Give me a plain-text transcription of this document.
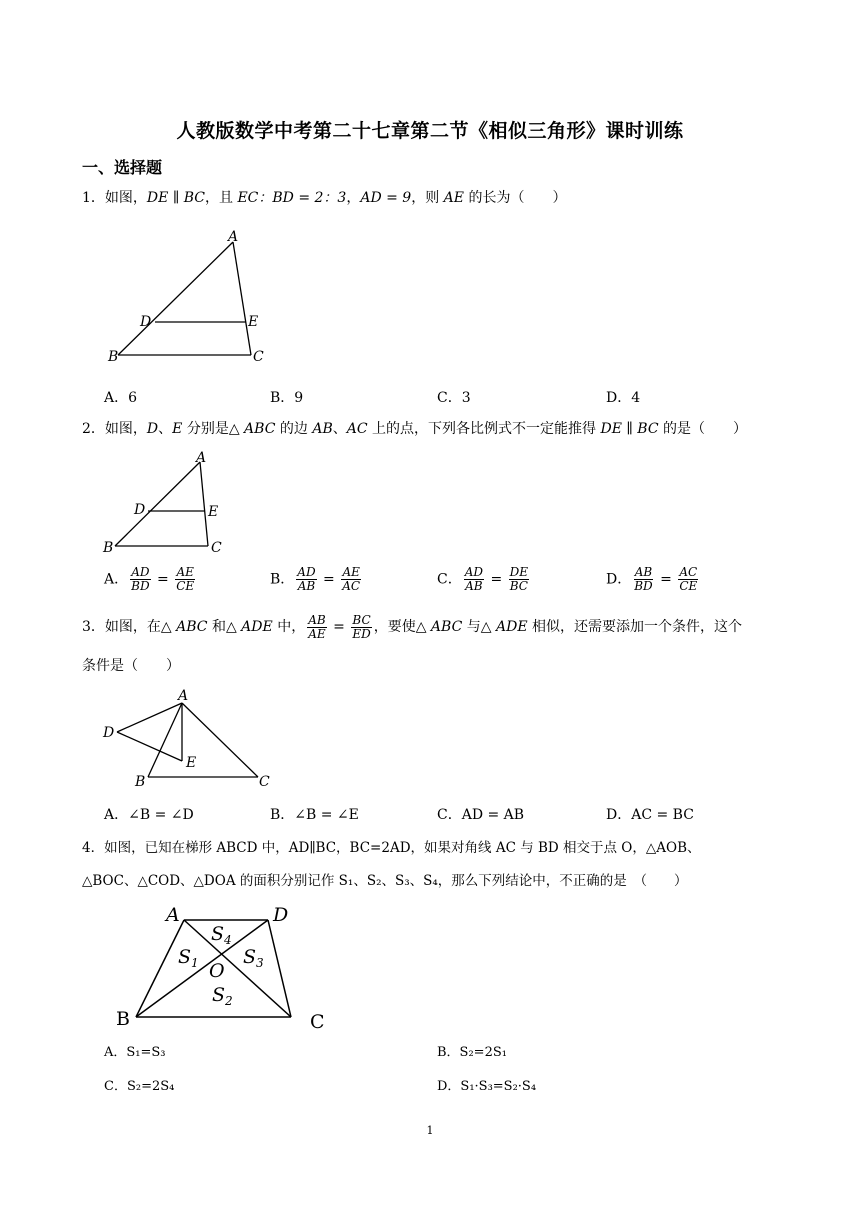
人教版数学中考第二十七章第二节《相似三角形》课时训练
一、选择题
1．如图，DE ∥ BC，且 EC：BD = 2：3，AD = 9，则 AE 的长为（　　）
A
D	E
B	C
A．6	B．9	C．3	D．4
2．如图，D、E 分别是△ ABC 的边 AB、AC 上的点，下列各比例式不一定能推得 DE ∥ BC 的是（　　）
A
D	E
B	C
A． $\frac{AD}{BD} = \frac{AE}{CE}$	B． $\frac{AD}{AB} = \frac{AE}{AC}$	C． $\frac{AD}{AB} = \frac{DE}{BC}$	D． $\frac{AB}{BD} = \frac{AC}{CE}$
3．如图，在△ ABC 和△ ADE 中， $\frac{AB}{AE} = \frac{BC}{ED}$ ，要使△ ABC 与△ ADE 相似，还需要添加一个条件，这个
条件是（　　）
A
D
E
B	C
A．∠B = ∠D	B．∠B = ∠E	C．AD = AB	D．AC = BC
4．如图，已知在梯形 ABCD 中，AD∥BC，BC=2AD，如果对角线 AC 与 BD 相交于点 O，△AOB、
△BOC、△COD、△DOA 的面积分别记作 S₁、S₂、S₃、S₄，那么下列结论中，不正确的是　（　　）
A	D
B	C
O
$S_1$
$S_2$
$S_3$
$S_4$
A．S₁=S₃	B．S₂=2S₁
C．S₂=2S₄	D．S₁·S₃=S₂·S₄
1
